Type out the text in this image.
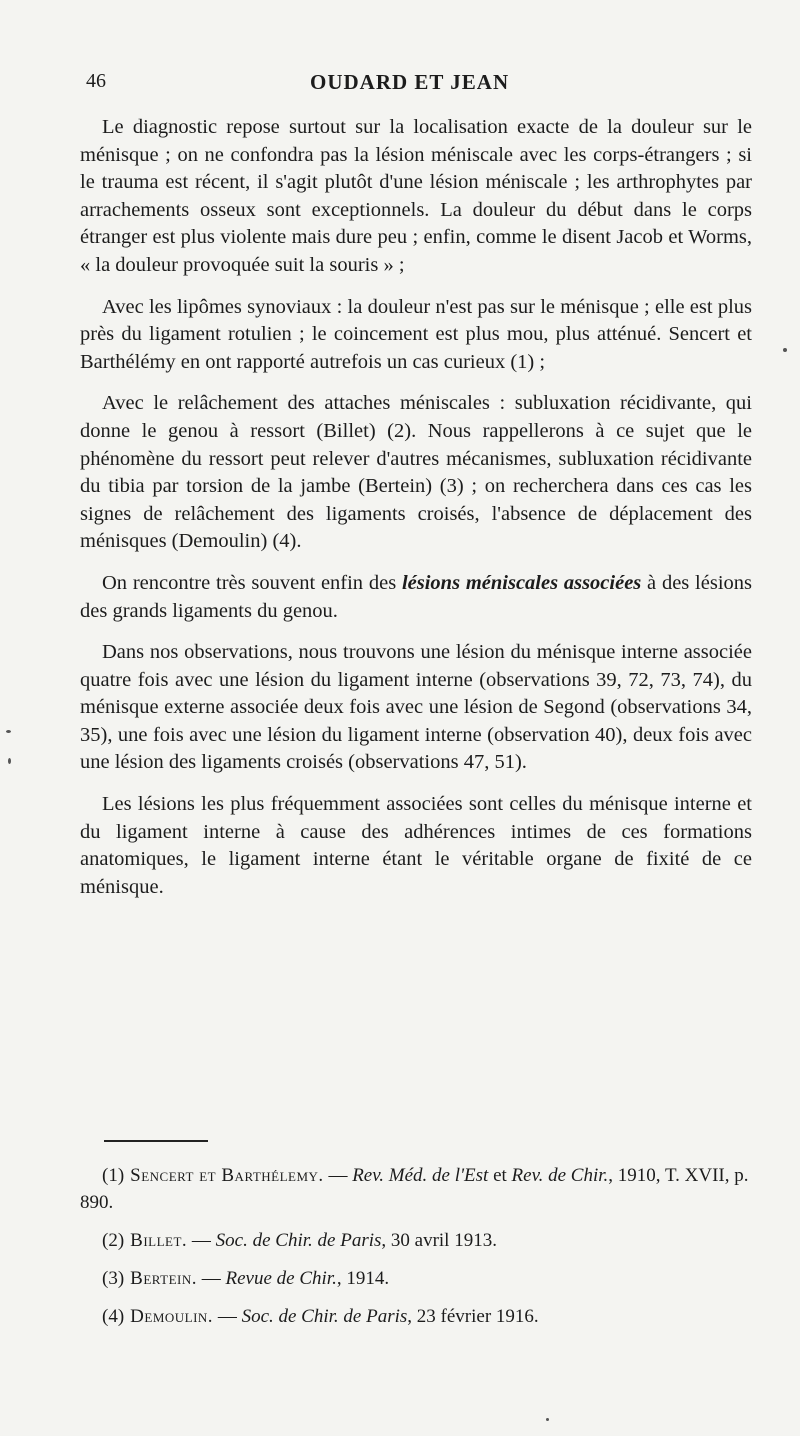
46	OUDARD ET JEAN

Le diagnostic repose surtout sur la localisation exacte de la douleur sur le ménisque ; on ne confondra pas la lésion méniscale avec les corps-étrangers ; si le trauma est récent, il s'agit plutôt d'une lésion méniscale ; les arthrophytes par arrachements osseux sont exceptionnels. La douleur du début dans le corps étranger est plus violente mais dure peu ; enfin, comme le disent Jacob et Worms, « la douleur provoquée suit la souris » ;

Avec les lipômes synoviaux : la douleur n'est pas sur le ménisque ; elle est plus près du ligament rotulien ; le coincement est plus mou, plus atténué. Sencert et Barthélémy en ont rapporté autrefois un cas curieux (1) ;

Avec le relâchement des attaches méniscales : subluxation récidivante, qui donne le genou à ressort (Billet) (2). Nous rappellerons à ce sujet que le phénomène du ressort peut relever d'autres mécanismes, subluxation récidivante du tibia par torsion de la jambe (Bertein) (3) ; on recherchera dans ces cas les signes de relâchement des ligaments croisés, l'absence de déplacement des ménisques (Demoulin) (4).

On rencontre très souvent enfin des lésions méniscales associées à des lésions des grands ligaments du genou.

Dans nos observations, nous trouvons une lésion du ménisque interne associée quatre fois avec une lésion du ligament interne (observations 39, 72, 73, 74), du ménisque externe associée deux fois avec une lésion de Segond (observations 34, 35), une fois avec une lésion du ligament interne (observation 40), deux fois avec une lésion des ligaments croisés (observations 47, 51).

Les lésions les plus fréquemment associées sont celles du ménisque interne et du ligament interne à cause des adhérences intimes de ces formations anatomiques, le ligament interne étant le véritable organe de fixité de ce ménisque.

(1) Sencert et Barthélemy. — Rev. Méd. de l'Est et Rev. de Chir., 1910, T. XVII, p. 890.

(2) Billet. — Soc. de Chir. de Paris, 30 avril 1913.

(3) Bertein. — Revue de Chir., 1914.

(4) Demoulin. — Soc. de Chir. de Paris, 23 février 1916.
